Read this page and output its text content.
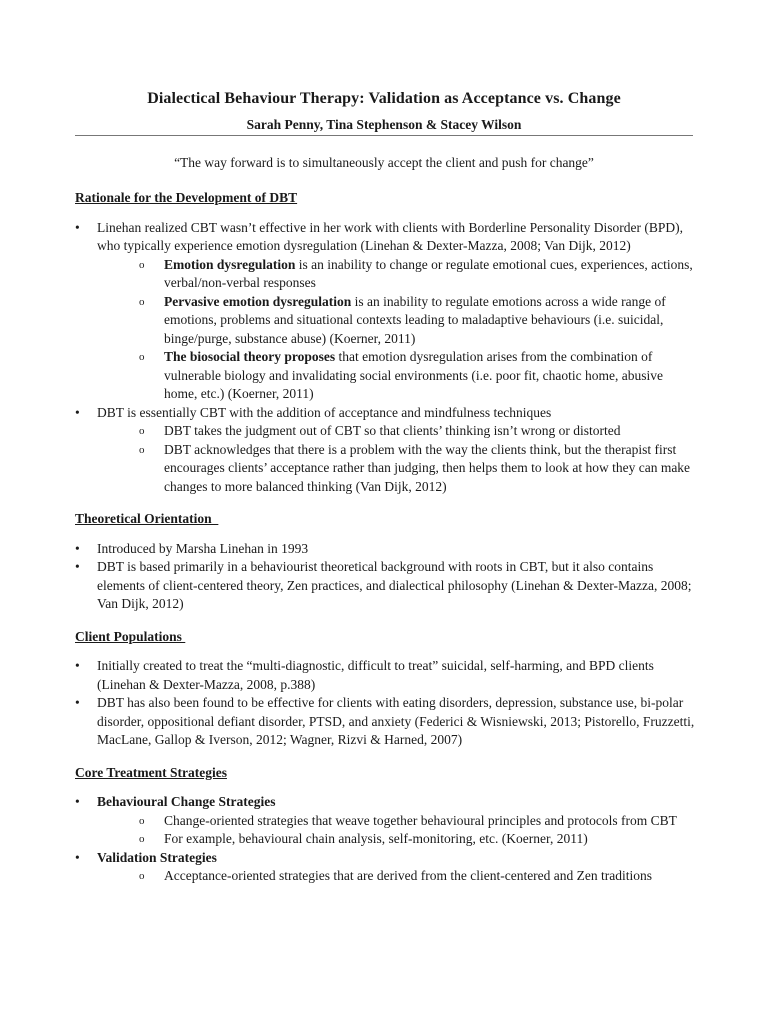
Dialectical Behaviour Therapy: Validation as Acceptance vs. Change
Sarah Penny, Tina Stephenson & Stacey Wilson
“The way forward is to simultaneously accept the client and push for change”
Rationale for the Development of DBT
•	Linehan realized CBT wasn’t effective in her work with clients with Borderline Personality Disorder (BPD), who typically experience emotion dysregulation (Linehan & Dexter-Mazza, 2008; Van Dijk, 2012)
o Emotion dysregulation is an inability to change or regulate emotional cues, experiences, actions, verbal/non-verbal responses
o Pervasive emotion dysregulation is an inability to regulate emotions across a wide range of emotions, problems and situational contexts leading to maladaptive behaviours (i.e. suicidal, binge/purge, substance abuse) (Koerner, 2011)
o The biosocial theory proposes that emotion dysregulation arises from the combination of vulnerable biology and invalidating social environments (i.e. poor fit, chaotic home, abusive home, etc.) (Koerner, 2011)
•	DBT is essentially CBT with the addition of acceptance and mindfulness techniques
o DBT takes the judgment out of CBT so that clients’ thinking isn’t wrong or distorted
o DBT acknowledges that there is a problem with the way the clients think, but the therapist first encourages clients’ acceptance rather than judging, then helps them to look at how they can make changes to more balanced thinking (Van Dijk, 2012)
Theoretical Orientation
•	Introduced by Marsha Linehan in 1993
•	DBT is based primarily in a behaviourist theoretical background with roots in CBT, but it also contains elements of client-centered theory, Zen practices, and dialectical philosophy (Linehan & Dexter-Mazza, 2008; Van Dijk, 2012)
Client Populations
•	Initially created to treat the “multi-diagnostic, difficult to treat” suicidal, self-harming, and BPD clients (Linehan & Dexter-Mazza, 2008, p.388)
•	DBT has also been found to be effective for clients with eating disorders, depression, substance use, bi-polar disorder, oppositional defiant disorder, PTSD, and anxiety (Federici & Wisniewski, 2013; Pistorello, Fruzzetti, MacLane, Gallop & Iverson, 2012; Wagner, Rizvi & Harned, 2007)
Core Treatment Strategies
•	Behavioural Change Strategies
o Change-oriented strategies that weave together behavioural principles and protocols from CBT
o For example, behavioural chain analysis, self-monitoring, etc. (Koerner, 2011)
•	Validation Strategies
o Acceptance-oriented strategies that are derived from the client-centered and Zen traditions
